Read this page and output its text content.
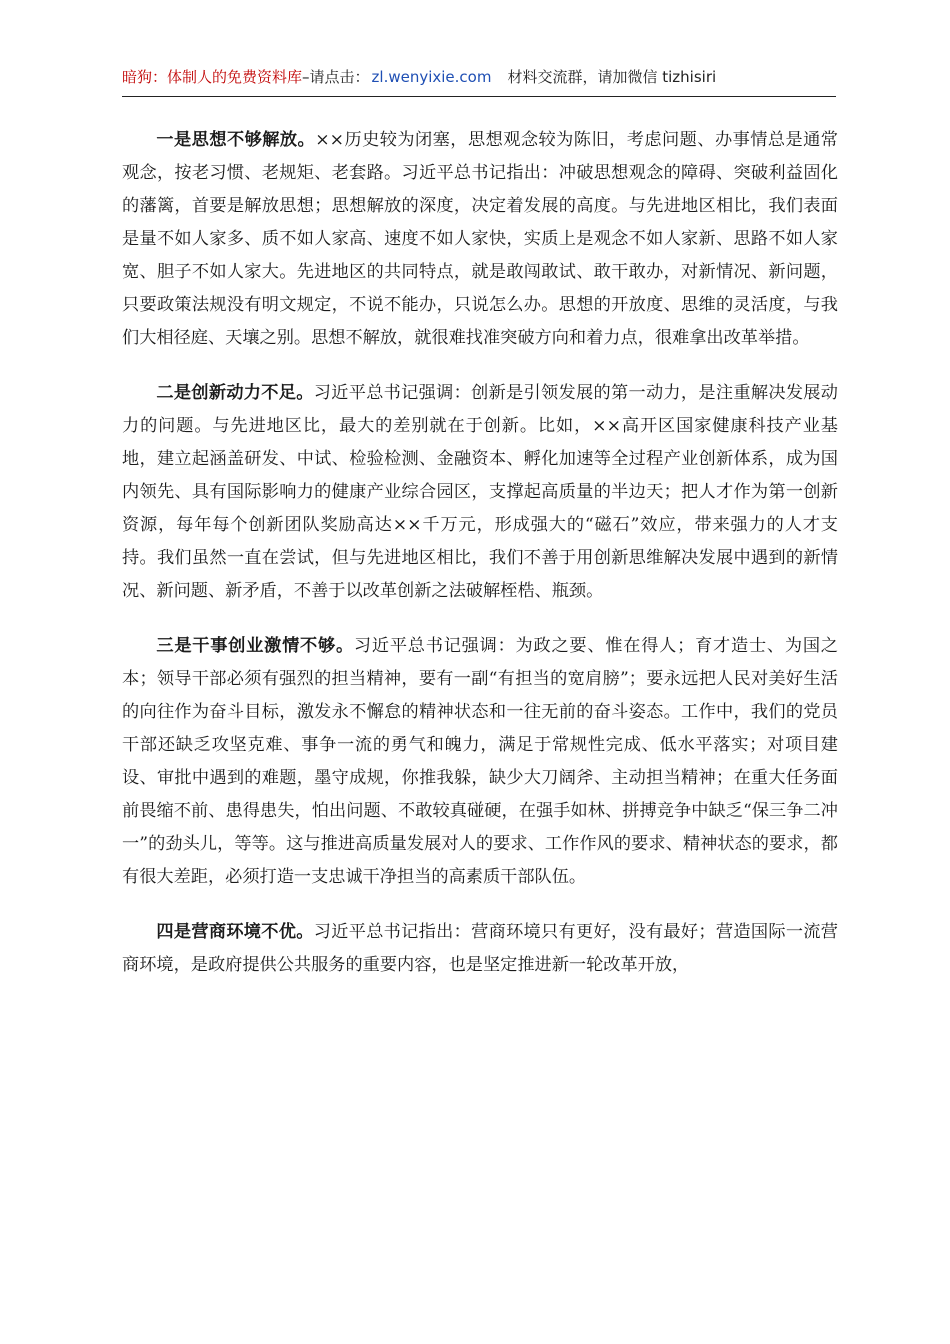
暗狗：体制人的免费资料库–请点击： zl.wenyixie.com 材料交流群，请加微信 tizhisiri

一是思想不够解放。××历史较为闭塞，思想观念较为陈旧，考虑问题、办事情总是通常观念，按老习惯、老规矩、老套路。习近平总书记指出：冲破思想观念的障碍、突破利益固化的藩篱，首要是解放思想；思想解放的深度，决定着发展的高度。与先进地区相比，我们表面是量不如人家多、质不如人家高、速度不如人家快，实质上是观念不如人家新、思路不如人家宽、胆子不如人家大。先进地区的共同特点，就是敢闯敢试、敢干敢办，对新情况、新问题，只要政策法规没有明文规定，不说不能办，只说怎么办。思想的开放度、思维的灵活度，与我们大相径庭、天壤之别。思想不解放，就很难找准突破方向和着力点，很难拿出改革举措。

二是创新动力不足。习近平总书记强调：创新是引领发展的第一动力，是注重解决发展动力的问题。与先进地区比，最大的差别就在于创新。比如，××高开区国家健康科技产业基地，建立起涵盖研发、中试、检验检测、金融资本、孵化加速等全过程产业创新体系，成为国内领先、具有国际影响力的健康产业综合园区，支撑起高质量的半边天；把人才作为第一创新资源，每年每个创新团队奖励高达××千万元，形成强大的“磁石”效应，带来强力的人才支持。我们虽然一直在尝试，但与先进地区相比，我们不善于用创新思维解决发展中遇到的新情况、新问题、新矛盾，不善于以改革创新之法破解桎梏、瓶颈。

三是干事创业激情不够。习近平总书记强调：为政之要、惟在得人；育才造士、为国之本；领导干部必须有强烈的担当精神，要有一副“有担当的宽肩膀”；要永远把人民对美好生活的向往作为奋斗目标，激发永不懈怠的精神状态和一往无前的奋斗姿态。工作中，我们的党员干部还缺乏攻坚克难、事争一流的勇气和魄力，满足于常规性完成、低水平落实；对项目建设、审批中遇到的难题，墨守成规，你推我躲，缺少大刀阔斧、主动担当精神；在重大任务面前畏缩不前、患得患失，怕出问题、不敢较真碰硬，在强手如林、拼搏竞争中缺乏“保三争二冲一”的劲头儿，等等。这与推进高质量发展对人的要求、工作作风的要求、精神状态的要求，都有很大差距，必须打造一支忠诚干净担当的高素质干部队伍。

四是营商环境不优。习近平总书记指出：营商环境只有更好，没有最好；营造国际一流营商环境，是政府提供公共服务的重要内容，也是坚定推进新一轮改革开放，
